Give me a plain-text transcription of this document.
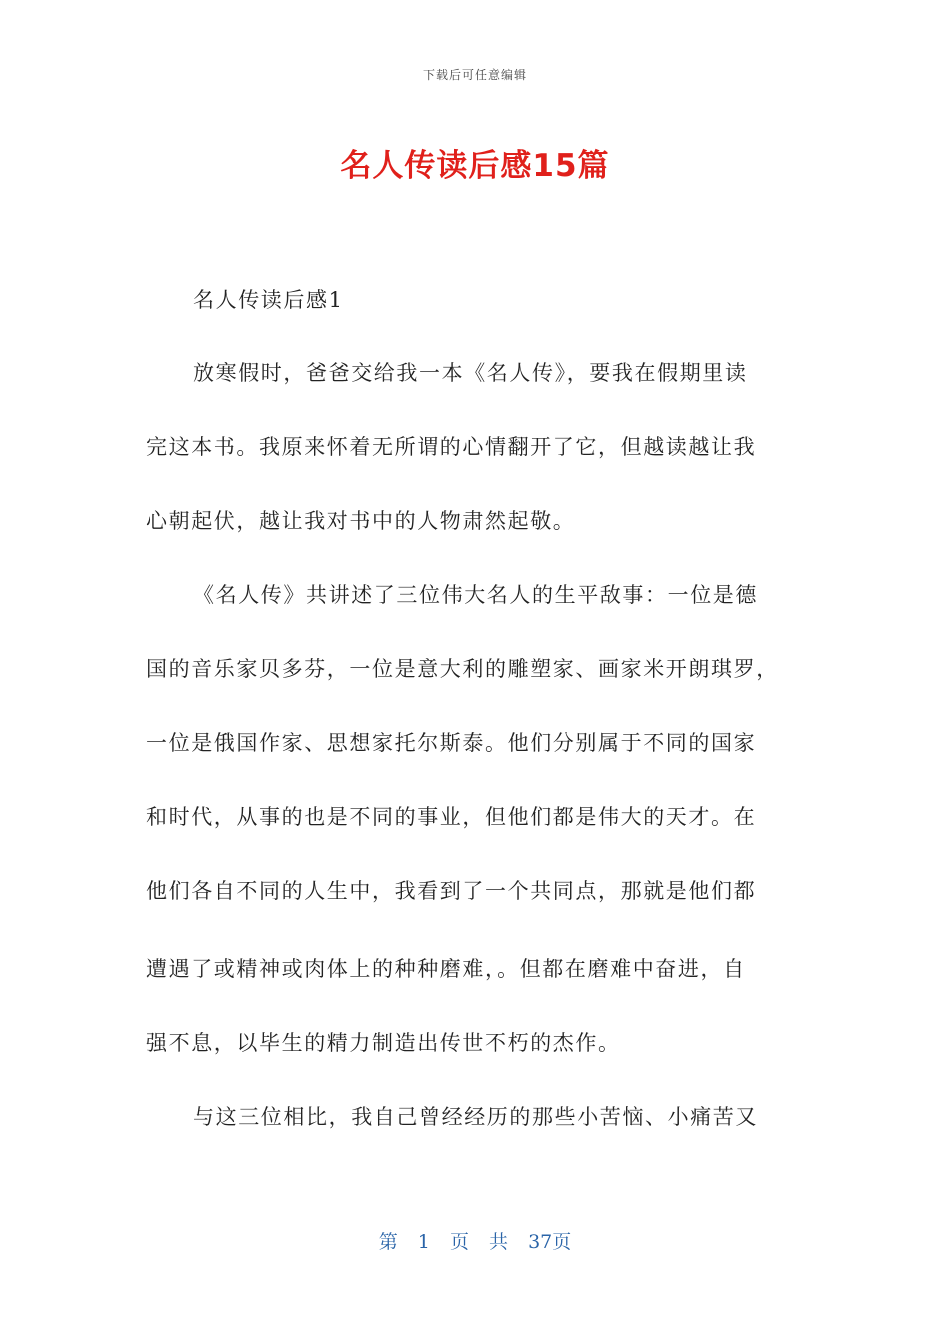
下载后可任意编辑
名人传读后感15篇
名人传读后感1
放寒假时，爸爸交给我一本《名人传》，要我在假期里读
完这本书。我原来怀着无所谓的心情翻开了它，但越读越让我
心朝起伏，越让我对书中的人物肃然起敬。
《名人传》共讲述了三位伟大名人的生平敌事：一位是德
国的音乐家贝多芬，一位是意大利的雕塑家、画家米开朗琪罗，
一位是俄国作家、思想家托尔斯泰。他们分别属于不同的国家
和时代，从事的也是不同的事业，但他们都是伟大的天才。在
他们各自不同的人生中，我看到了一个共同点，那就是他们都
遭遇了或精神或肉体上的种种磨难，。但都在磨难中奋进，自
强不息，以毕生的精力制造出传世不朽的杰作。
与这三位相比，我自己曾经经历的那些小苦恼、小痛苦又
第 1 页 共 37页
